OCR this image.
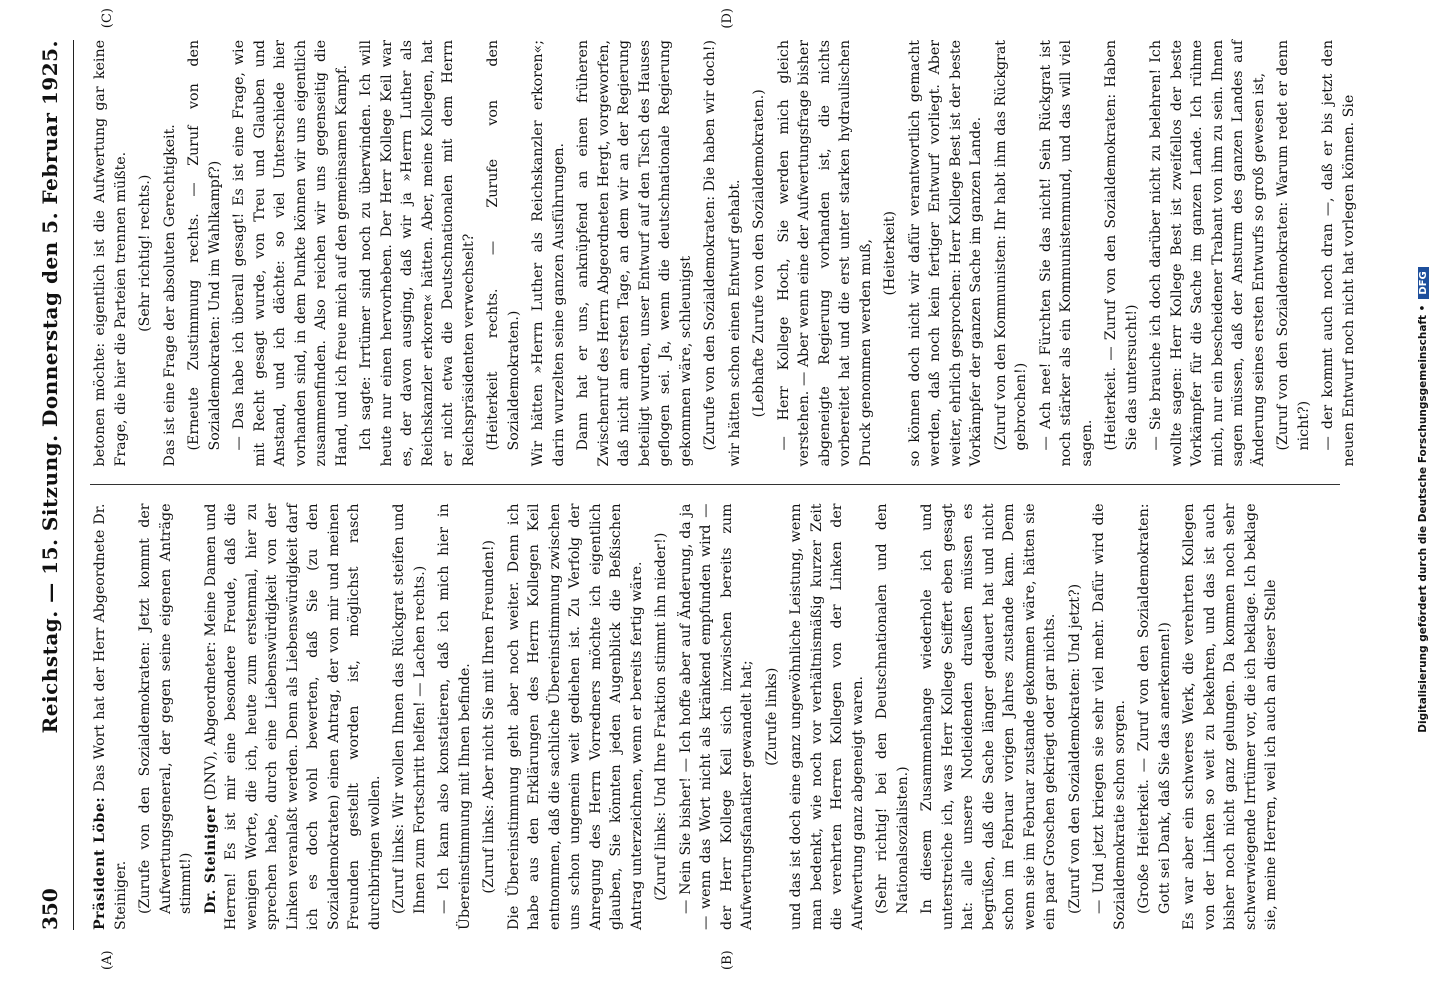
350
Reichstag. — 15. Sitzung. Donnerstag den 5. Februar 1925.
(A)	(B)
(C)	(D)

Präsident Löbe: Das Wort hat der Herr Abgeordnete Dr. Steiniger. (Zurufe von den Sozialdemokraten: Jetzt kommt der Aufwertungsgeneral, der gegen seine eigenen Anträge stimmt!) Dr. Steiniger (DNV), Abgeordneter: Meine Damen und Herren! Es ist mir eine besondere Freude, daß die wenigen Worte, die ich, heute zum erstenmal, hier zu sprechen habe, durch eine Liebenswürdigkeit von der Linken veranlaßt werden. Denn als Liebenswürdigkeit darf ich es doch wohl bewerten, daß Sie (zu den Sozialdemokraten) einen Antrag, der von mir und meinen Freunden gestellt worden ist, möglichst rasch durchbringen wollen. (Zuruf links: Wir wollen Ihnen das Rückgrat steifen und Ihnen zum Fortschritt helfen! — Lachen rechts.) — Ich kann also konstatieren, daß ich mich hier in Übereinstimmung mit Ihnen befinde. (Zuruf links: Aber nicht Sie mit Ihren Freunden!) Die Übereinstimmung geht aber noch weiter. Denn ich habe aus den Erklärungen des Herrn Kollegen Keil entnommen, daß die sachliche Übereinstimmung zwischen uns schon ungemein weit gediehen ist. Zu Verfolg der Anregung des Herrn Vorredners möchte ich eigentlich glauben, Sie könnten jeden Augenblick die Beßischen Antrag unterzeichnen, wenn er bereits fertig wäre. (Zuruf links: Und Ihre Fraktion stimmt ihn nieder!) — Nein Sie bisher! — Ich hoffe aber auf Änderung, da ja — wenn das Wort nicht als kränkend empfunden wird — der Herr Kollege Keil sich inzwischen bereits zum Aufwertungsfanatiker gewandelt hat; (Zurufe links) und das ist doch eine ganz ungewöhnliche Leistung, wenn man bedenkt, wie noch vor verhältnismäßig kurzer Zeit die verehrten Herren Kollegen von der Linken der Aufwertung ganz abgeneigt waren. (Sehr richtig! bei den Deutschnationalen und den Nationalsozialisten.) In diesem Zusammenhange wiederhole ich und unterstreiche ich, was Herr Kollege Seiffert eben gesagt hat: alle unsere Notleidenden draußen müssen es begrüßen, daß die Sache länger gedauert hat und nicht schon im Februar vorigen Jahres zustande kam. Denn wenn sie im Februar zustande gekommen wäre, hätten sie ein paar Groschen gekriegt oder gar nichts. (Zuruf von den Sozialdemokraten: Und jetzt?) — Und jetzt kriegen sie sehr viel mehr. Dafür wird die Sozialdemokratie schon sorgen. (Große Heiterkeit. — Zuruf von den Sozialdemokraten: Gott sei Dank, daß Sie das anerkennen!) Es war aber ein schweres Werk, die verehrten Kollegen von der Linken so weit zu bekehren, und das ist auch bisher noch nicht ganz gelungen. Da kommen noch sehr schwerwiegende Irrtümer vor, die ich beklage. Ich beklage sie, meine Herren, weil ich auch an dieser Stelle

betonen möchte: eigentlich ist die Aufwertung gar keine Frage, die hier die Parteien trennen müßte. (Sehr richtig! rechts.) Das ist eine Frage der absoluten Gerechtigkeit. (Erneute Zustimmung rechts. — Zuruf von den Sozialdemokraten: Und im Wahlkampf?) — Das habe ich überall gesagt! Es ist eine Frage, wie mit Recht gesagt wurde, von Treu und Glauben und Anstand, und ich dächte: so viel Unterschiede hier vorhanden sind, in dem Punkte können wir uns eigentlich zusammenfinden. Also reichen wir uns gegenseitig die Hand, und ich freue mich auf den gemeinsamen Kampf. Ich sagte: Irrtümer sind noch zu überwinden. Ich will heute nur einen hervorheben. Der Herr Kollege Keil war es, der davon ausging, daß wir ja »Herrn Luther als Reichskanzler erkoren« hätten. Aber, meine Kollegen, hat er nicht etwa die Deutschnationalen mit dem Herrn Reichspräsidenten verwechselt? (Heiterkeit rechts. — Zurufe von den Sozialdemokraten.) Wir hätten »Herrn Luther als Reichskanzler erkoren«; darin wurzelten seine ganzen Ausführungen. Dann hat er uns, anknüpfend an einen früheren Zwischenruf des Herrn Abgeordneten Hergt, vorgeworfen, daß nicht am ersten Tage, an dem wir an der Regierung beteiligt wurden, unser Entwurf auf den Tisch des Hauses geflogen sei. Ja, wenn die deutschnationale Regierung gekommen wäre, schleunigst (Zurufe von den Sozialdemokraten: Die haben wir doch!) wir hätten schon einen Entwurf gehabt. (Lebhafte Zurufe von den Sozialdemokraten.) — Herr Kollege Hoch, Sie werden mich gleich verstehen. — Aber wenn eine der Aufwertungsfrage bisher abgeneigte Regierung vorhanden ist, die nichts vorbereitet hat und die erst unter starken hydraulischen Druck genommen werden muß, (Heiterkeit) so können doch nicht wir dafür verantwortlich gemacht werden, daß noch kein fertiger Entwurf vorliegt. Aber weiter, ehrlich gesprochen: Herr Kollege Best ist der beste Vorkämpfer der ganzen Sache im ganzen Lande. (Zuruf von den Kommunisten: Ihr habt ihm das Rückgrat gebrochen!) — Ach nee! Fürchten Sie das nicht! Sein Rückgrat ist noch stärker als ein Kommunistenmund, und das will viel sagen. (Heiterkeit. — Zuruf von den Sozialdemokraten: Haben Sie das untersucht!) — Sie brauche ich doch darüber nicht zu belehren! Ich wollte sagen: Herr Kollege Best ist zweifellos der beste Vorkämpfer für die Sache im ganzen Lande. Ich rühme mich, nur ein bescheidener Trabant von ihm zu sein. Ihnen sagen müssen, daß der Ansturm des ganzen Landes auf Änderung seines ersten Entwurfs so groß gewesen ist, (Zuruf von den Sozialdemokraten: Warum redet er denn nicht?) — der kommt auch noch dran —, daß er bis jetzt den neuen Entwurf noch nicht hat vorlegen können. Sie

Digitalisierung gefördert durch die Deutsche Forschungsgemeinschaft •
DFG
